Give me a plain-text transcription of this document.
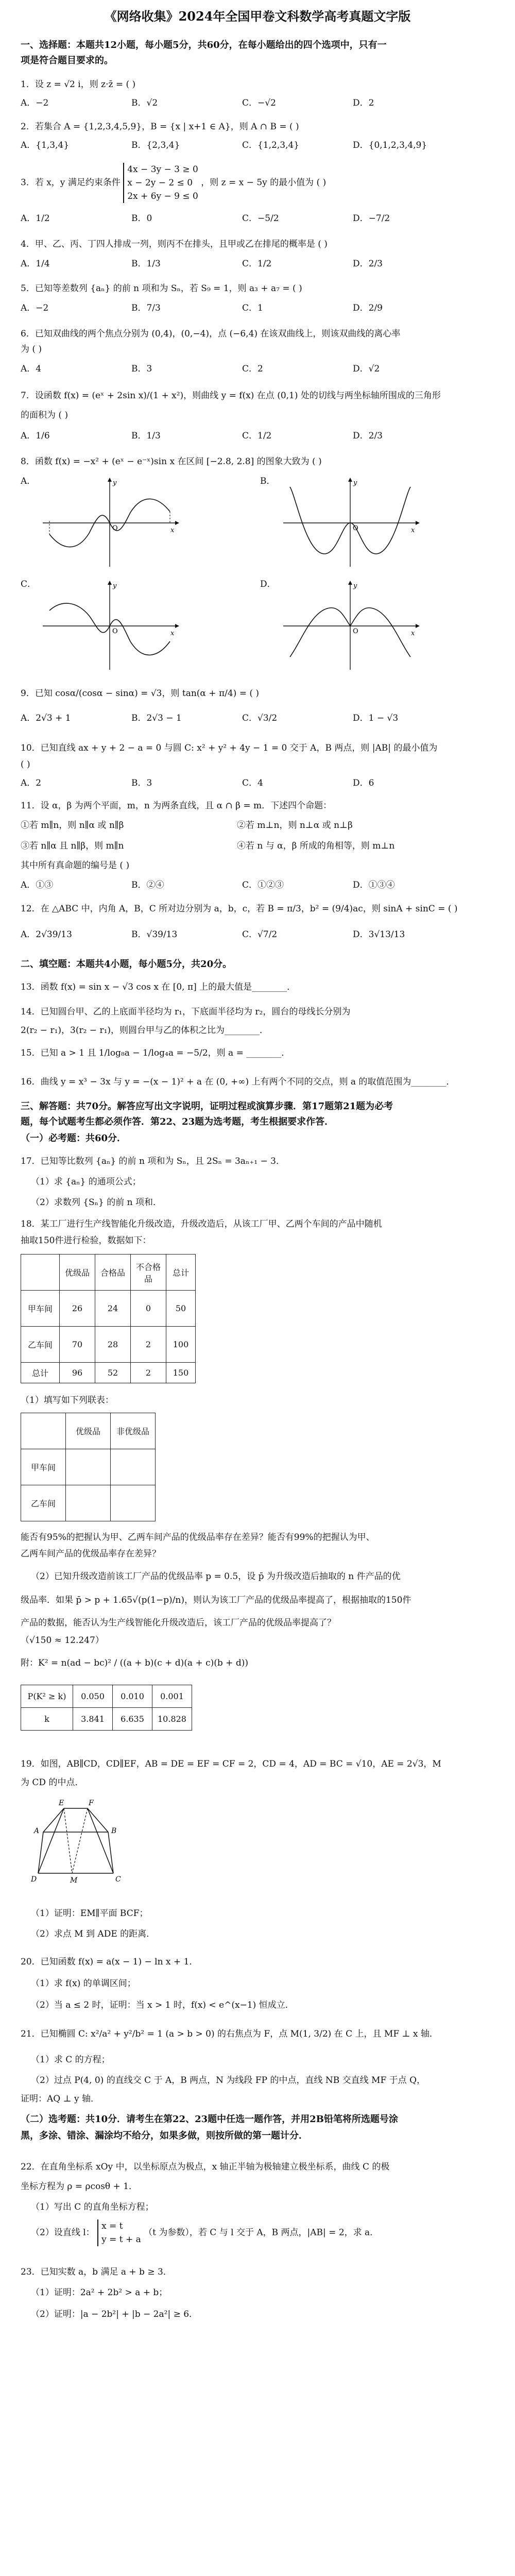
《网络收集》2024年全国甲卷文科数学高考真题文字版
一、选择题：本题共12小题，每小题5分，共60分，在每小题给出的四个选项中，只有一
项是符合题目要求的。
1．设 z = √2 i，则 z·z̄ = ( )
A．−2	B．√2	C．−√2	D．2
2．若集合 A = {1,2,3,4,5,9}，B = {x | x+1 ∈ A}，则 A ∩ B = ( )
A．{1,3,4}	B．{2,3,4}	C．{1,2,3,4}	D．{0,1,2,3,4,9}
3．若 x，y 满足约束条件 4x − 3y − 3 ≥ 0
x − 2y − 2 ≤ 0
2x + 6y − 9 ≤ 0 ，则 z = x − 5y 的最小值为 ( )
A．1/2	B．0	C．−5/2	D．−7/2
4．甲、乙、丙、丁四人排成一列，则丙不在排头，且甲或乙在排尾的概率是 ( )
A．1/4	B．1/3	C．1/2	D．2/3
5．已知等差数列 {aₙ} 的前 n 项和为 Sₙ，若 S₉ = 1，则 a₃ + a₇ = ( )
A．−2	B．7/3	C．1	D．2/9
6．已知双曲线的两个焦点分别为 (0,4)，(0,−4)，点 (−6,4) 在该双曲线上，则该双曲线的离心率
为 ( )
A．4	B．3	C．2	D．√2
7．设函数 f(x) = (eˣ + 2sin x)/(1 + x²)，则曲线 y = f(x) 在点 (0,1) 处的切线与两坐标轴所围成的三角形
的面积为 ( )
A．1/6	B．1/3	C．1/2	D．2/3
8．函数 f(x) = −x² + (eˣ − e⁻ˣ)sin x 在区间 [−2.8, 2.8] 的图象大致为 ( )
A．
O	x
y	B．
O	x
y
C．
O	x
y	D．
O	x
y
9．已知 cosα/(cosα − sinα) = √3，则 tan(α + π/4) = ( )
A．2√3 + 1	B．2√3 − 1	C．√3/2	D．1 − √3
10．已知直线 ax + y + 2 − a = 0 与圆 C: x² + y² + 4y − 1 = 0 交于 A，B 两点，则 |AB| 的最小值为
( )
A．2	B．3	C．4	D．6
11．设 α，β 为两个平面，m，n 为两条直线，且 α ∩ β = m．下述四个命题：
①若 m∥n，则 n∥α 或 n∥β	②若 m⊥n，则 n⊥α 或 n⊥β
③若 n∥α 且 n∥β，则 m∥n	④若 n 与 α，β 所成的角相等，则 m⊥n
其中所有真命题的编号是 ( )
A．①③	B．②④	C．①②③	D．①③④
12．在 △ABC 中，内角 A，B，C 所对边分别为 a，b，c，若 B = π/3，b² = (9/4)ac，则 sinA + sinC = ( )
A．2√39/13	B．√39/13	C．√7/2	D．3√13/13
二、填空题：本题共4小题，每小题5分，共20分。
13．函数 f(x) = sin x − √3 cos x 在 [0, π] 上的最大值是________．
14．已知圆台甲、乙的上底面半径均为 r₁，下底面半径均为 r₂，圆台的母线长分别为
2(r₂ − r₁)，3(r₂ − r₁)，则圆台甲与乙的体积之比为________．
15．已知 a > 1 且 1/log₈a − 1/log₄a = −5/2，则 a = ________．
16．曲线 y = x³ − 3x 与 y = −(x − 1)² + a 在 (0, +∞) 上有两个不同的交点，则 a 的取值范围为________．
三、解答题：共70分。解答应写出文字说明，证明过程或演算步骤．第17题第21题为必考
题，每个试题考生都必须作答．第22、23题为选考题，考生根据要求作答．
（一）必考题：共60分．
17．已知等比数列 {aₙ} 的前 n 项和为 Sₙ，且 2Sₙ = 3aₙ₊₁ − 3．
（1）求 {aₙ} 的通项公式；
（2）求数列 {Sₙ} 的前 n 项和．
18．某工厂进行生产线智能化升级改造，升级改造后，从该工厂甲、乙两个车间的产品中随机
抽取150件进行检验，数据如下：
	优级品	合格品	不合格品	总计
甲车间	26	24	0	50
乙车间	70	28	2	100
总计	96	52	2	150
（1）填写如下列联表：
	优级品	非优级品
甲车间		
乙车间		
能否有95%的把握认为甲、乙两车间产品的优级品率存在差异？能否有99%的把握认为甲、
乙两车间产品的优级品率存在差异？
（2）已知升级改造前该工厂产品的优级品率 p = 0.5，设 p̄ 为升级改造后抽取的 n 件产品的优
级品率．如果 p̄ > p + 1.65√(p(1−p)/n)，则认为该工厂产品的优级品率提高了，根据抽取的150件
产品的数据，能否认为生产线智能化升级改造后，该工厂产品的优级品率提高了？
（√150 ≈ 12.247）
附：K² = n(ad − bc)² / ((a + b)(c + d)(a + c)(b + d))
P(K² ≥ k)	0.050	0.010	0.001
k	3.841	6.635	10.828
19．如图，AB∥CD，CD∥EF，AB = DE = EF = CF = 2，CD = 4，AD = BC = √10，AE = 2√3，M
为 CD 的中点．
E	F
A	B
D	M	C
（1）证明：EM∥平面 BCF；
（2）求点 M 到 ADE 的距离．
20．已知函数 f(x) = a(x − 1) − ln x + 1．
（1）求 f(x) 的单调区间；
（2）当 a ≤ 2 时，证明：当 x > 1 时，f(x) < e^(x−1) 恒成立．
21．已知椭圆 C: x²/a² + y²/b² = 1 (a > b > 0) 的右焦点为 F，点 M(1, 3/2) 在 C 上，且 MF ⊥ x 轴．
（1）求 C 的方程；
（2）过点 P(4, 0) 的直线交 C 于 A，B 两点，N 为线段 FP 的中点，直线 NB 交直线 MF 于点 Q，
证明：AQ ⊥ y 轴．
（二）选考题：共10分．请考生在第22、23题中任选一题作答，并用2B铅笔将所选题号涂
黑，多涂、错涂、漏涂均不给分，如果多做，则按所做的第一题计分．
22．在直角坐标系 xOy 中，以坐标原点为极点，x 轴正半轴为极轴建立极坐标系，曲线 C 的极
坐标方程为 ρ = ρcosθ + 1．
（1）写出 C 的直角坐标方程；
（2）设直线 l： x = t
y = t + a （t 为参数），若 C 与 l 交于 A，B 两点，|AB| = 2，求 a．
23．已知实数 a，b 满足 a + b ≥ 3．
（1）证明：2a² + 2b² > a + b；
（2）证明：|a − 2b²| + |b − 2a²| ≥ 6．
